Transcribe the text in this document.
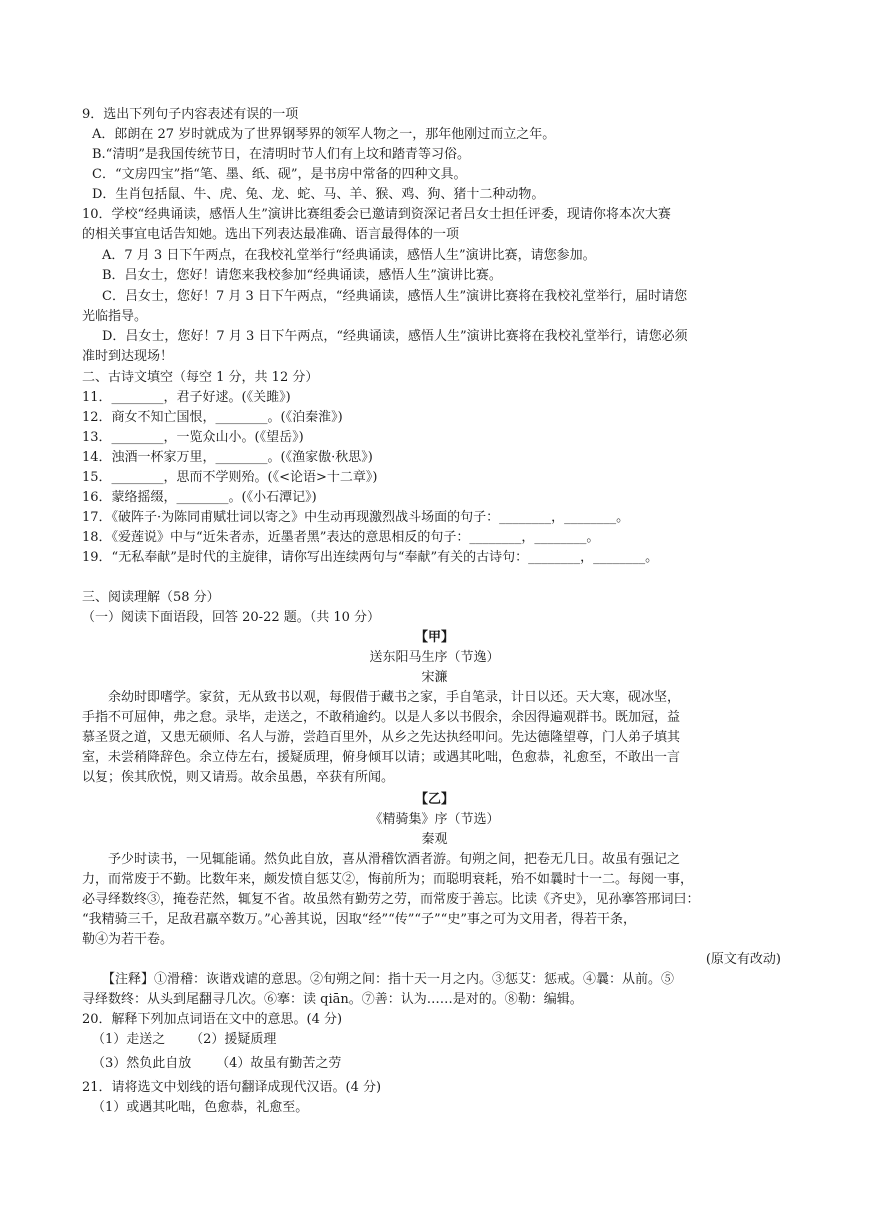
9．选出下列句子内容表述有误的一项
A．郎朗在 27 岁时就成为了世界钢琴界的领军人物之一，那年他刚过而立之年。
B.“清明”是我国传统节日，在清明时节人们有上坟和踏青等习俗。
C．“文房四宝”指“笔、墨、纸、砚”，是书房中常备的四种文具。
D．生肖包括鼠、牛、虎、兔、龙、蛇、马、羊、猴、鸡、狗、猪十二种动物。
10．学校“经典诵读，感悟人生”演讲比赛组委会已邀请到资深记者吕女士担任评委，现请你将本次大赛
的相关事宜电话告知她。选出下列表达最准确、语言最得体的一项
A．7 月 3 日下午两点，在我校礼堂举行“经典诵读，感悟人生”演讲比赛，请您参加。
B．吕女士，您好！请您来我校参加“经典诵读，感悟人生”演讲比赛。
C．吕女士，您好！7 月 3 日下午两点，“经典诵读，感悟人生”演讲比赛将在我校礼堂举行，届时请您
光临指导。
D．吕女士，您好！7 月 3 日下午两点，“经典诵读，感悟人生”演讲比赛将在我校礼堂举行，请您必须
准时到达现场！
二、古诗文填空（每空 1 分，共 12 分）
11．________，君子好逑。(《关雎》)
12．商女不知亡国恨，________。(《泊秦淮》)
13．________，一览众山小。(《望岳》)
14．浊酒一杯家万里，________。(《渔家傲·秋思》)
15．________，思而不学则殆。(《<论语>十二章》)
16．蒙络摇缀，________。(《小石潭记》)
17．《破阵子·为陈同甫赋壮词以寄之》中生动再现激烈战斗场面的句子：________，________。
18．《爱莲说》中与“近朱者赤，近墨者黑”表达的意思相反的句子：________，________。
19．“无私奉献”是时代的主旋律，请你写出连续两句与“奉献”有关的古诗句：________，________。
三、阅读理解（58 分）
（一）阅读下面语段，回答 20-22 题。（共 10 分）
【甲】
送东阳马生序（节逸）
宋濂
余幼时即嗜学。家贫，无从致书以观，每假借于藏书之家，手自笔录，计日以还。天大寒，砚冰坚，
手指不可屈伸，弗之怠。录毕，走送之，不敢稍逾约。以是人多以书假余，余因得遍观群书。既加冠，益
慕圣贤之道，又患无硕师、名人与游，尝趋百里外，从乡之先达执经叩问。先达德隆望尊，门人弟子填其
室，未尝稍降辞色。余立侍左右，援疑质理，俯身倾耳以请；或遇其叱咄，色愈恭，礼愈至，不敢出一言
以复；俟其欣悦，则又请焉。故余虽愚，卒获有所闻。
【乙】
《精骑集》序（节选）
秦观
予少时读书，一见辄能诵。然负此自放，喜从滑稽饮酒者游。旬朔之间，把卷无几日。故虽有强记之
力，而常废于不勤。比数年来，颇发愤自惩艾②，悔前所为；而聪明衰耗，殆不如曩时十一二。每阅一事，
必寻绎数终③，掩卷茫然，辄复不省。故虽然有勤劳之劳，而常废于善忘。比读《齐史》，见孙搴答邢词曰：
“我精骑三千，足敌君羸卒数万。”心善其说，因取“经”“传”“子”“史”事之可为文用者，得若干条，
勒④为若干卷。
(原文有改动)
【注释】①滑稽：诙谐戏谑的意思。②旬朔之间：指十天一月之内。③惩艾：惩戒。④曩：从前。⑤
寻绎数终：从头到尾翻寻几次。⑥搴：读 qiān。⑦善：认为……是对的。⑧勒：编辑。
20．解释下列加点词语在文中的意思。(4 分)
（1）走送之      （2）援疑质理
（3）然负此自放      （4）故虽有勤苦之劳
21．请将选文中划线的语句翻译成现代汉语。(4 分)
（1）或遇其叱咄，色愈恭，礼愈至。
